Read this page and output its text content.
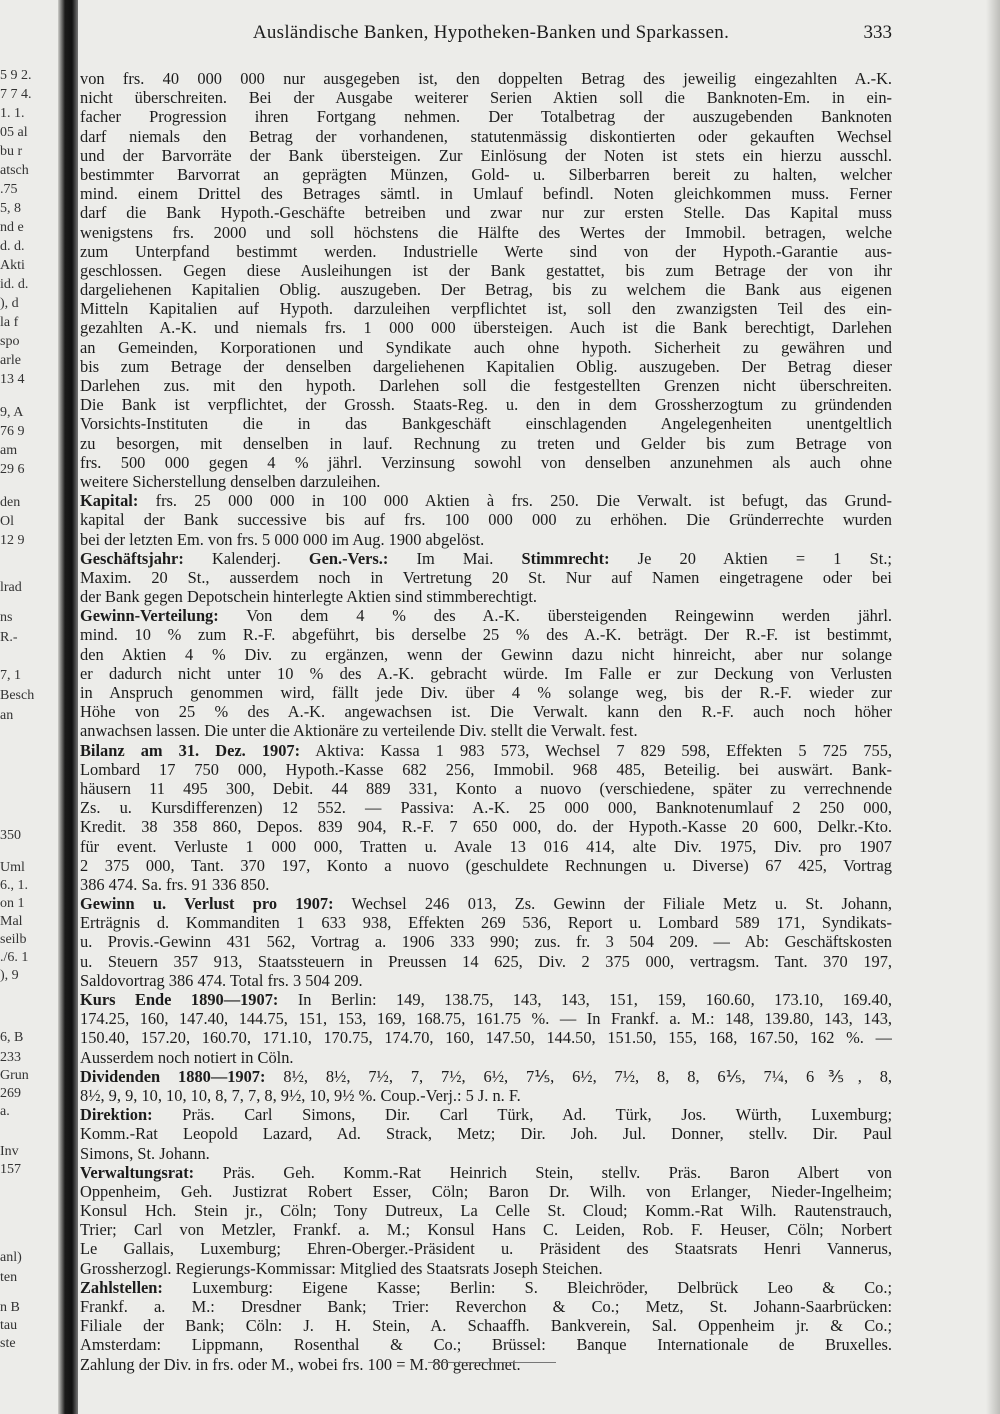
5 9 2.
7 7 4.
1. 1.
05 al
bu r
atsch
.75
5, 8
nd e
d. d.
Akti
id. d.
), d
la f
spo
arle
13 4
9, A
76 9
am
29 6
den
Ol
12 9
lrad
ns
R.-
7, 1
Besch
an
350
Uml
6., 1.
on 1
Mal
seilb
./6. 1
), 9
6, B
233
Grun
269
a.
Inv
157
anl)
ten
n B
tau
ste
Ausländische Banken, Hypotheken-Banken und Sparkassen.	333
von frs. 40 000 000 nur ausgegeben ist, den doppelten Betrag des jeweilig eingezahlten A.-K.
nicht überschreiten. Bei der Ausgabe weiterer Serien Aktien soll die Banknoten-Em. in ein-
facher Progression ihren Fortgang nehmen. Der Totalbetrag der auszugebenden Banknoten
darf niemals den Betrag der vorhandenen, statutenmässig diskontierten oder gekauften Wechsel
und der Barvorräte der Bank übersteigen. Zur Einlösung der Noten ist stets ein hierzu ausschl.
bestimmter Barvorrat an geprägten Münzen, Gold- u. Silberbarren bereit zu halten, welcher
mind. einem Drittel des Betrages sämtl. in Umlauf befindl. Noten gleichkommen muss. Ferner
darf die Bank Hypoth.-Geschäfte betreiben und zwar nur zur ersten Stelle. Das Kapital muss
wenigstens frs. 2000 und soll höchstens die Hälfte des Wertes der Immobil. betragen, welche
zum Unterpfand bestimmt werden. Industrielle Werte sind von der Hypoth.-Garantie aus-
geschlossen. Gegen diese Ausleihungen ist der Bank gestattet, bis zum Betrage der von ihr
dargeliehenen Kapitalien Oblig. auszugeben. Der Betrag, bis zu welchem die Bank aus eigenen
Mitteln Kapitalien auf Hypoth. darzuleihen verpflichtet ist, soll den zwanzigsten Teil des ein-
gezahlten A.-K. und niemals frs. 1 000 000 übersteigen. Auch ist die Bank berechtigt, Darlehen
an Gemeinden, Korporationen und Syndikate auch ohne hypoth. Sicherheit zu gewähren und
bis zum Betrage der denselben dargeliehenen Kapitalien Oblig. auszugeben. Der Betrag dieser
Darlehen zus. mit den hypoth. Darlehen soll die festgestellten Grenzen nicht überschreiten.
Die Bank ist verpflichtet, der Grossh. Staats-Reg. u. den in dem Grossherzogtum zu gründenden
Vorsichts-Instituten die in das Bankgeschäft einschlagenden Angelegenheiten unentgeltlich
zu besorgen, mit denselben in lauf. Rechnung zu treten und Gelder bis zum Betrage von
frs. 500 000 gegen 4 % jährl. Verzinsung sowohl von denselben anzunehmen als auch ohne
weitere Sicherstellung denselben darzuleihen.
Kapital: frs. 25 000 000 in 100 000 Aktien à frs. 250. Die Verwalt. ist befugt, das Grund-
kapital der Bank successive bis auf frs. 100 000 000 zu erhöhen. Die Gründerrechte wurden
bei der letzten Em. von frs. 5 000 000 im Aug. 1900 abgelöst.
Geschäftsjahr: Kalenderj. Gen.-Vers.: Im Mai. Stimmrecht: Je 20 Aktien = 1 St.;
Maxim. 20 St., ausserdem noch in Vertretung 20 St. Nur auf Namen eingetragene oder bei
der Bank gegen Depotschein hinterlegte Aktien sind stimmberechtigt.
Gewinn-Verteilung: Von dem 4 % des A.-K. übersteigenden Reingewinn werden jährl.
mind. 10 % zum R.-F. abgeführt, bis derselbe 25 % des A.-K. beträgt. Der R.-F. ist bestimmt,
den Aktien 4 % Div. zu ergänzen, wenn der Gewinn dazu nicht hinreicht, aber nur solange
er dadurch nicht unter 10 % des A.-K. gebracht würde. Im Falle er zur Deckung von Verlusten
in Anspruch genommen wird, fällt jede Div. über 4 % solange weg, bis der R.-F. wieder zur
Höhe von 25 % des A.-K. angewachsen ist. Die Verwalt. kann den R.-F. auch noch höher
anwachsen lassen. Die unter die Aktionäre zu verteilende Div. stellt die Verwalt. fest.
Bilanz am 31. Dez. 1907: Aktiva: Kassa 1 983 573, Wechsel 7 829 598, Effekten 5 725 755,
Lombard 17 750 000, Hypoth.-Kasse 682 256, Immobil. 968 485, Beteilig. bei auswärt. Bank-
häusern 11 495 300, Debit. 44 889 331, Konto a nuovo (verschiedene, später zu verrechnende
Zs. u. Kursdifferenzen) 12 552. — Passiva: A.-K. 25 000 000, Banknotenumlauf 2 250 000,
Kredit. 38 358 860, Depos. 839 904, R.-F. 7 650 000, do. der Hypoth.-Kasse 20 600, Delkr.-Kto.
für event. Verluste 1 000 000, Tratten u. Avale 13 016 414, alte Div. 1975, Div. pro 1907
2 375 000, Tant. 370 197, Konto a nuovo (geschuldete Rechnungen u. Diverse) 67 425, Vortrag
386 474. Sa. frs. 91 336 850.
Gewinn u. Verlust pro 1907: Wechsel 246 013, Zs. Gewinn der Filiale Metz u. St. Johann,
Erträgnis d. Kommanditen 1 633 938, Effekten 269 536, Report u. Lombard 589 171, Syndikats-
u. Provis.-Gewinn 431 562, Vortrag a. 1906 333 990; zus. fr. 3 504 209. — Ab: Geschäftskosten
u. Steuern 357 913, Staatssteuern in Preussen 14 625, Div. 2 375 000, vertragsm. Tant. 370 197,
Saldovortrag 386 474. Total frs. 3 504 209.
Kurs Ende 1890—1907: In Berlin: 149, 138.75, 143, 143, 151, 159, 160.60, 173.10, 169.40,
174.25, 160, 147.40, 144.75, 151, 153, 169, 168.75, 161.75 %. — In Frankf. a. M.: 148, 139.80, 143, 143,
150.40, 157.20, 160.70, 171.10, 170.75, 174.70, 160, 147.50, 144.50, 151.50, 155, 168, 167.50, 162 %. —
Ausserdem noch notiert in Cöln.
Dividenden 1880—1907: 8½, 8½, 7½, 7, 7½, 6½, 7⅕, 6½, 7½, 8, 8, 6⅕, 7¼, 6⅗, 8,
8½, 9, 9, 10, 10, 10, 8, 7, 7, 8, 9½, 10, 9½ %. Coup.-Verj.: 5 J. n. F.
Direktion: Präs. Carl Simons, Dir. Carl Türk, Ad. Türk, Jos. Würth, Luxemburg;
Komm.-Rat Leopold Lazard, Ad. Strack, Metz; Dir. Joh. Jul. Donner, stellv. Dir. Paul
Simons, St. Johann.
Verwaltungsrat: Präs. Geh. Komm.-Rat Heinrich Stein, stellv. Präs. Baron Albert von
Oppenheim, Geh. Justizrat Robert Esser, Cöln; Baron Dr. Wilh. von Erlanger, Nieder-Ingelheim;
Konsul Hch. Stein jr., Cöln; Tony Dutreux, La Celle St. Cloud; Komm.-Rat Wilh. Rautenstrauch,
Trier; Carl von Metzler, Frankf. a. M.; Konsul Hans C. Leiden, Rob. F. Heuser, Cöln; Norbert
Le Gallais, Luxemburg; Ehren-Oberger.-Präsident u. Präsident des Staatsrats Henri Vannerus,
Grossherzogl. Regierungs-Kommissar: Mitglied des Staatsrats Joseph Steichen.
Zahlstellen: Luxemburg: Eigene Kasse; Berlin: S. Bleichröder, Delbrück Leo & Co.;
Frankf. a. M.: Dresdner Bank; Trier: Reverchon & Co.; Metz, St. Johann-Saarbrücken:
Filiale der Bank; Cöln: J. H. Stein, A. Schaaffh. Bankverein, Sal. Oppenheim jr. & Co.;
Amsterdam: Lippmann, Rosenthal & Co.; Brüssel: Banque Internationale de Bruxelles.
Zahlung der Div. in frs. oder M., wobei frs. 100 = M. 80 gerechnet.
